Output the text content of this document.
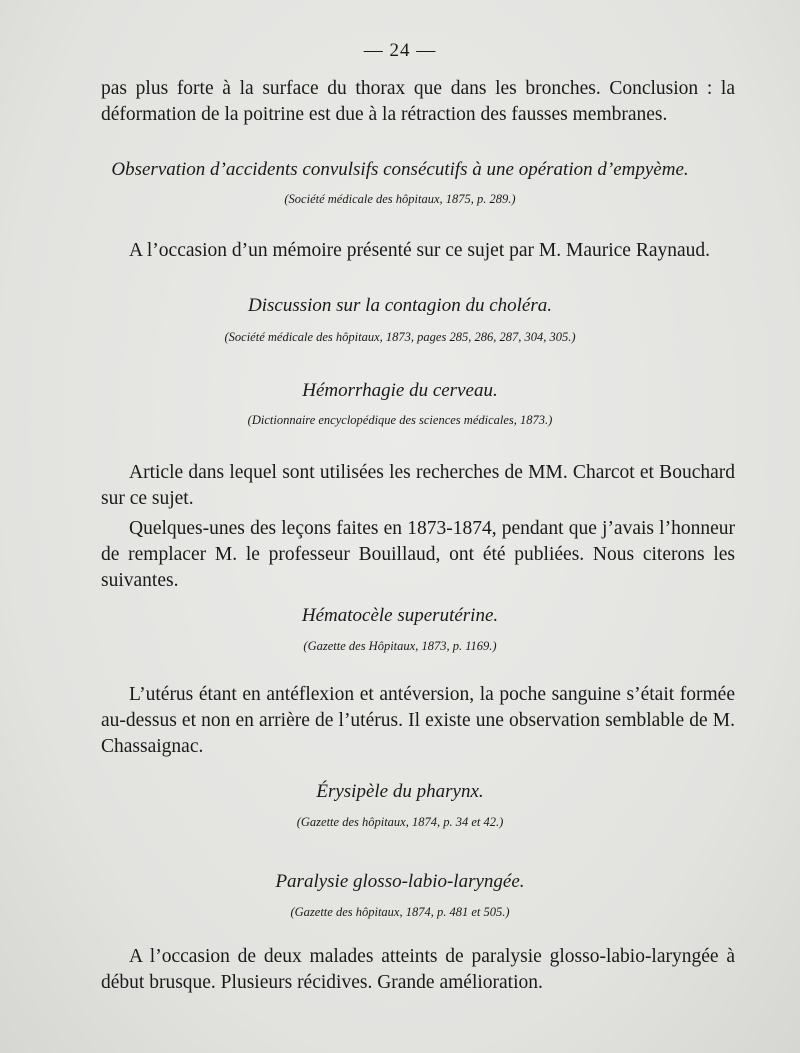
— 24 —
pas plus forte à la surface du thorax que dans les bronches. Conclusion : la déformation de la poitrine est due à la rétraction des fausses membranes.
Observation d’accidents convulsifs consécutifs à une opération d’empyème.
(Société médicale des hôpitaux, 1875, p. 289.)
A l’occasion d’un mémoire présenté sur ce sujet par M. Maurice Raynaud.
Discussion sur la contagion du choléra.
(Société médicale des hôpitaux, 1873, pages 285, 286, 287, 304, 305.)
Hémorrhagie du cerveau.
(Dictionnaire encyclopédique des sciences médicales, 1873.)
Article dans lequel sont utilisées les recherches de MM. Charcot et Bouchard sur ce sujet.
Quelques-unes des leçons faites en 1873-1874, pendant que j’avais l’honneur de remplacer M. le professeur Bouillaud, ont été publiées. Nous citerons les suivantes.
Hématocèle superutérine.
(Gazette des Hôpitaux, 1873, p. 1169.)
L’utérus étant en antéflexion et antéversion, la poche sanguine s’était formée au-dessus et non en arrière de l’utérus. Il existe une observation semblable de M. Chassaignac.
Érysipèle du pharynx.
(Gazette des hôpitaux, 1874, p. 34 et 42.)
Paralysie glosso-labio-laryngée.
(Gazette des hôpitaux, 1874, p. 481 et 505.)
A l’occasion de deux malades atteints de paralysie glosso-labio-laryngée à début brusque. Plusieurs récidives. Grande amélioration.
